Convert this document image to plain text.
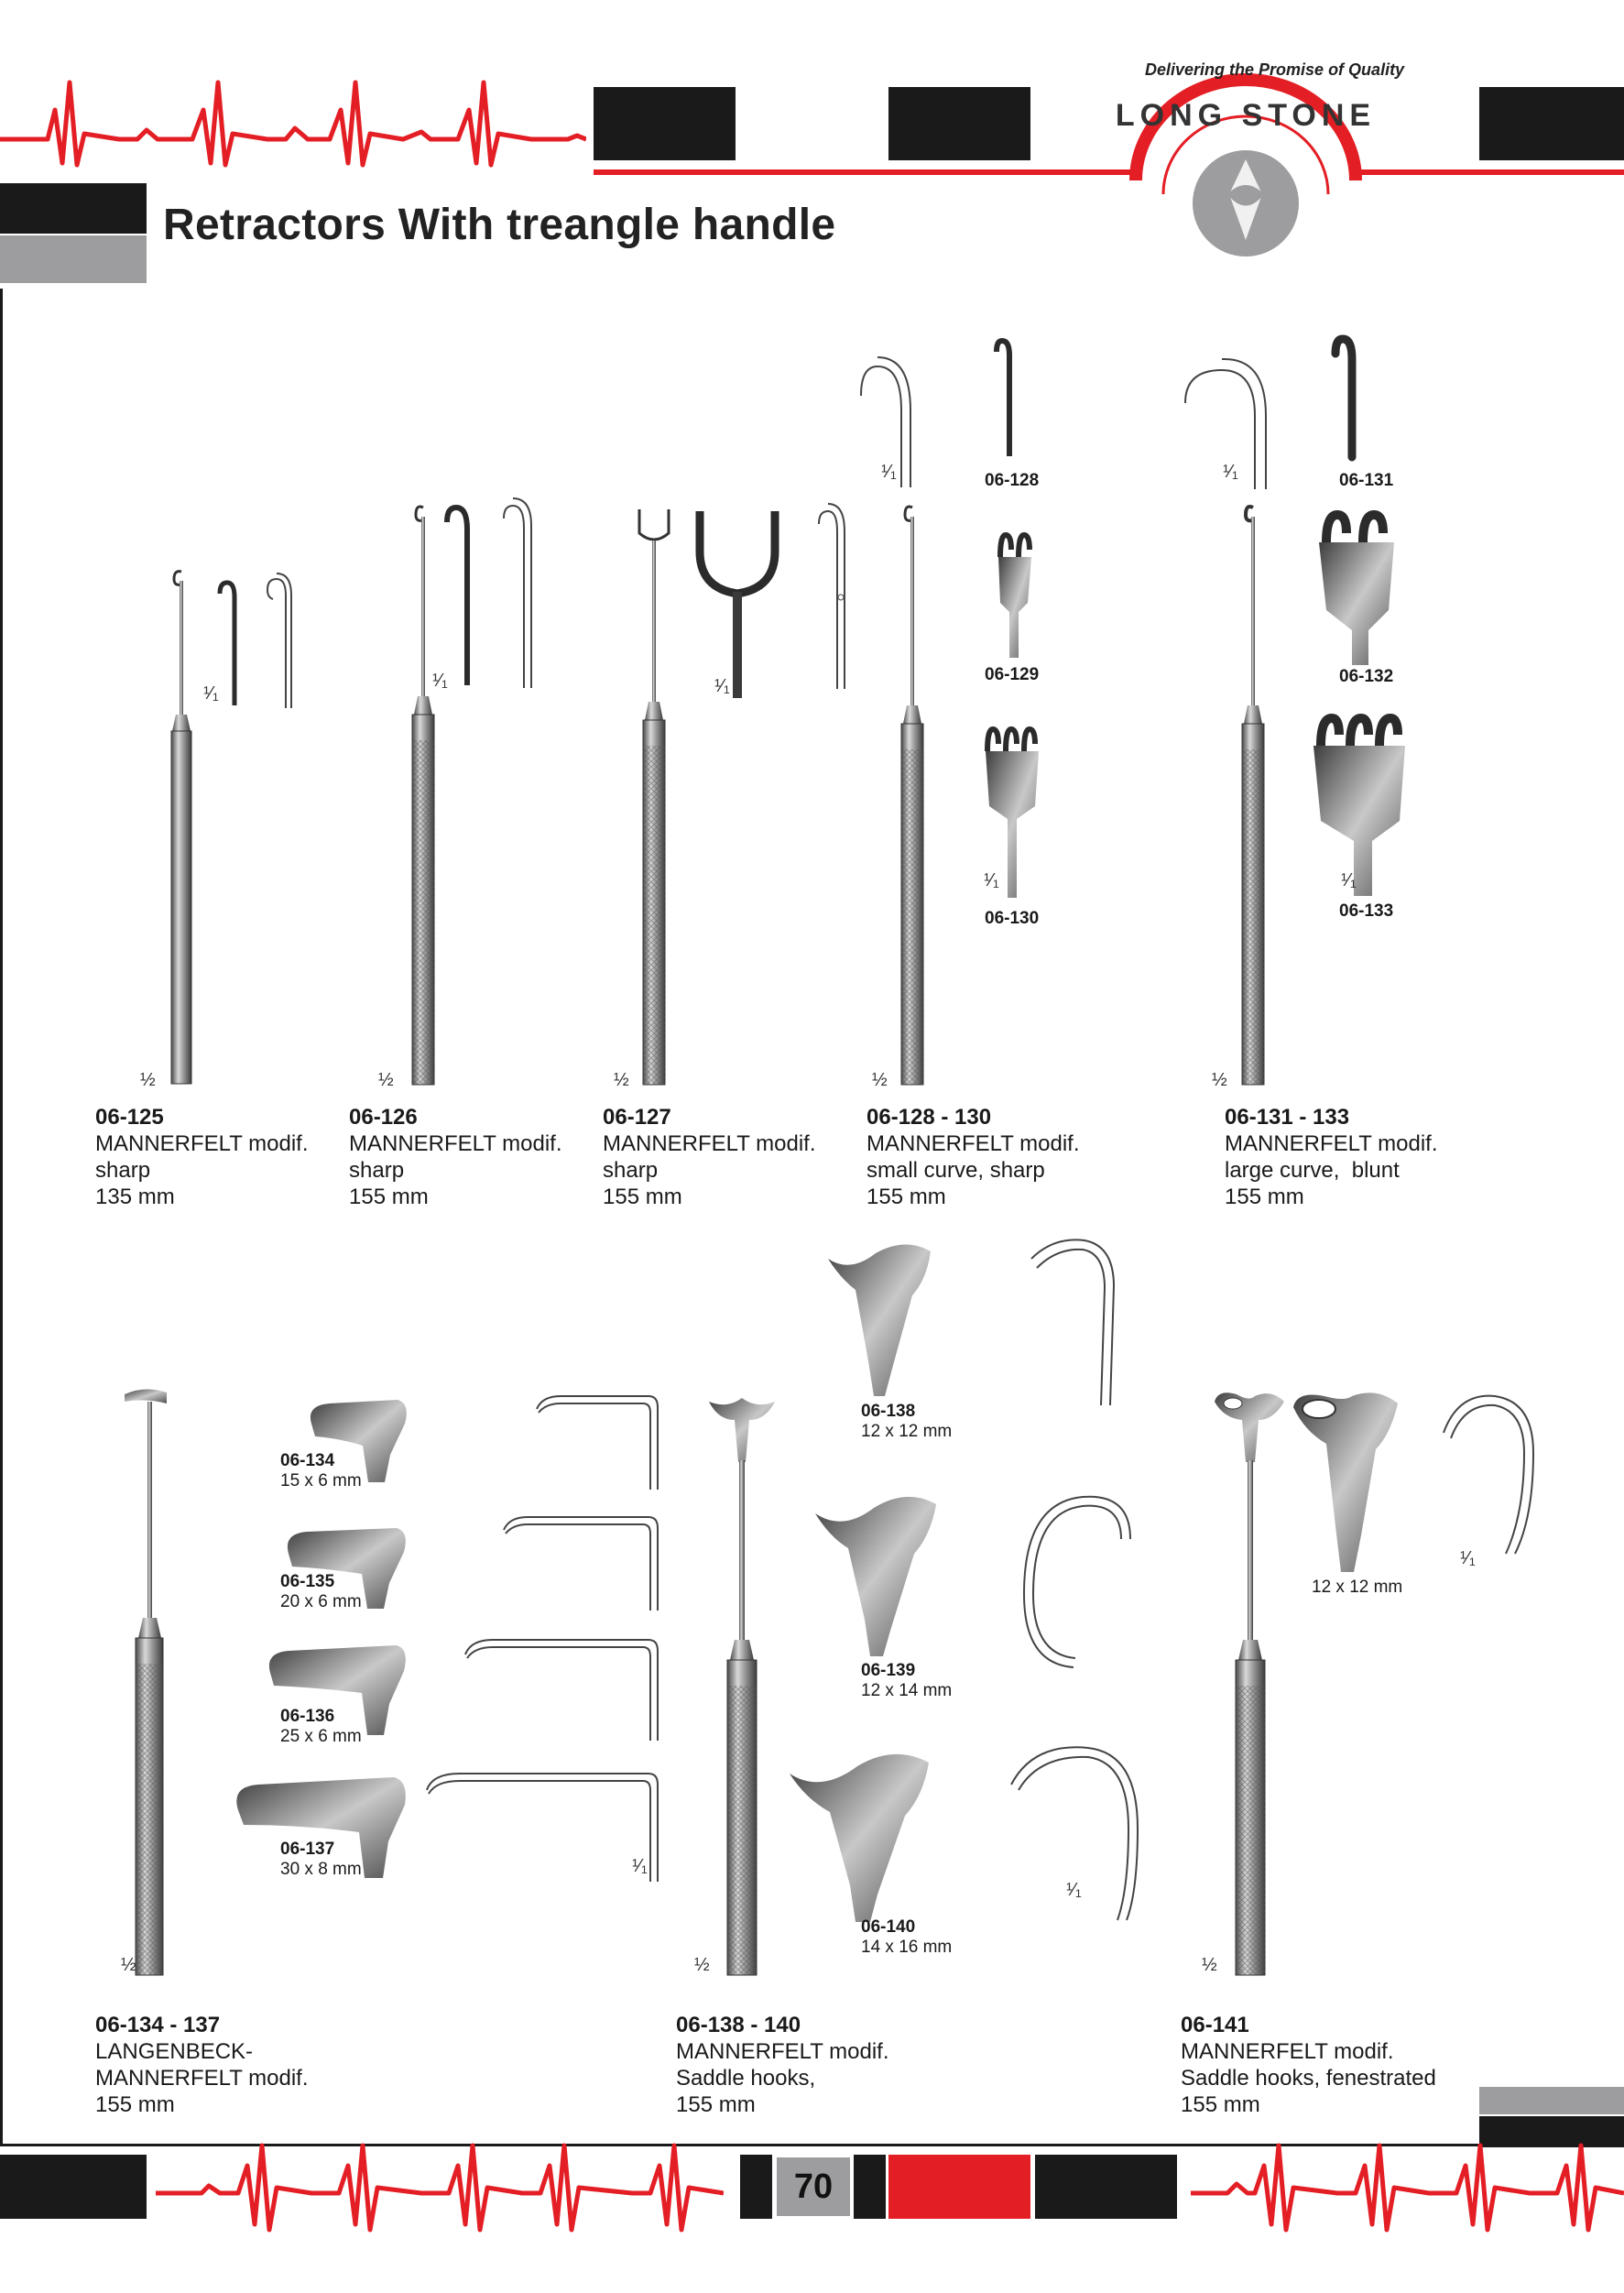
LONG STONE
Delivering the Promise of Quality
Retractors With treangle handle
¹⁄₁
½
¹⁄₁
½
¹⁄₁
½
¹⁄₁
¹⁄₁
½
¹⁄₁
¹⁄₁
½
06-128
06-129
06-130
06-131
06-132
06-133
06-125
MANNERFELT modif.
sharp
135 mm
06-126
MANNERFELT modif.
sharp
155 mm
06-127
MANNERFELT modif.
sharp
155 mm
06-128 - 130
MANNERFELT modif.
small curve, sharp
155 mm
06-131 - 133
MANNERFELT modif.
large curve,  blunt
155 mm
½
¹⁄₁
06-134
15 x 6 mm
06-135
20 x 6 mm
06-136
25 x 6 mm
06-137
30 x 8 mm
½
¹⁄₁
06-138
12 x 12 mm
06-139
12 x 14 mm
06-140
14 x 16 mm
¹⁄₁
12 x 12 mm
½
06-134 - 137
LANGENBECK-
MANNERFELT modif.
155 mm
06-138 - 140
MANNERFELT modif.
Saddle hooks,
155 mm
06-141
MANNERFELT modif.
Saddle hooks, fenestrated
155 mm
70
